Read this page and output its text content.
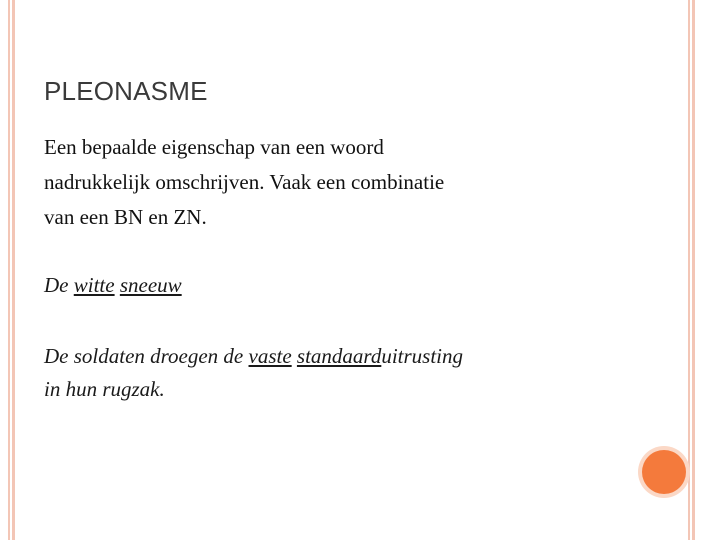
PLEONASME
Een bepaalde eigenschap van een woord
nadrukkelijk omschrijven. Vaak een combinatie
van een BN en ZN.
De witte sneeuw
De soldaten droegen de vaste standaarduitrusting
in hun rugzak.
